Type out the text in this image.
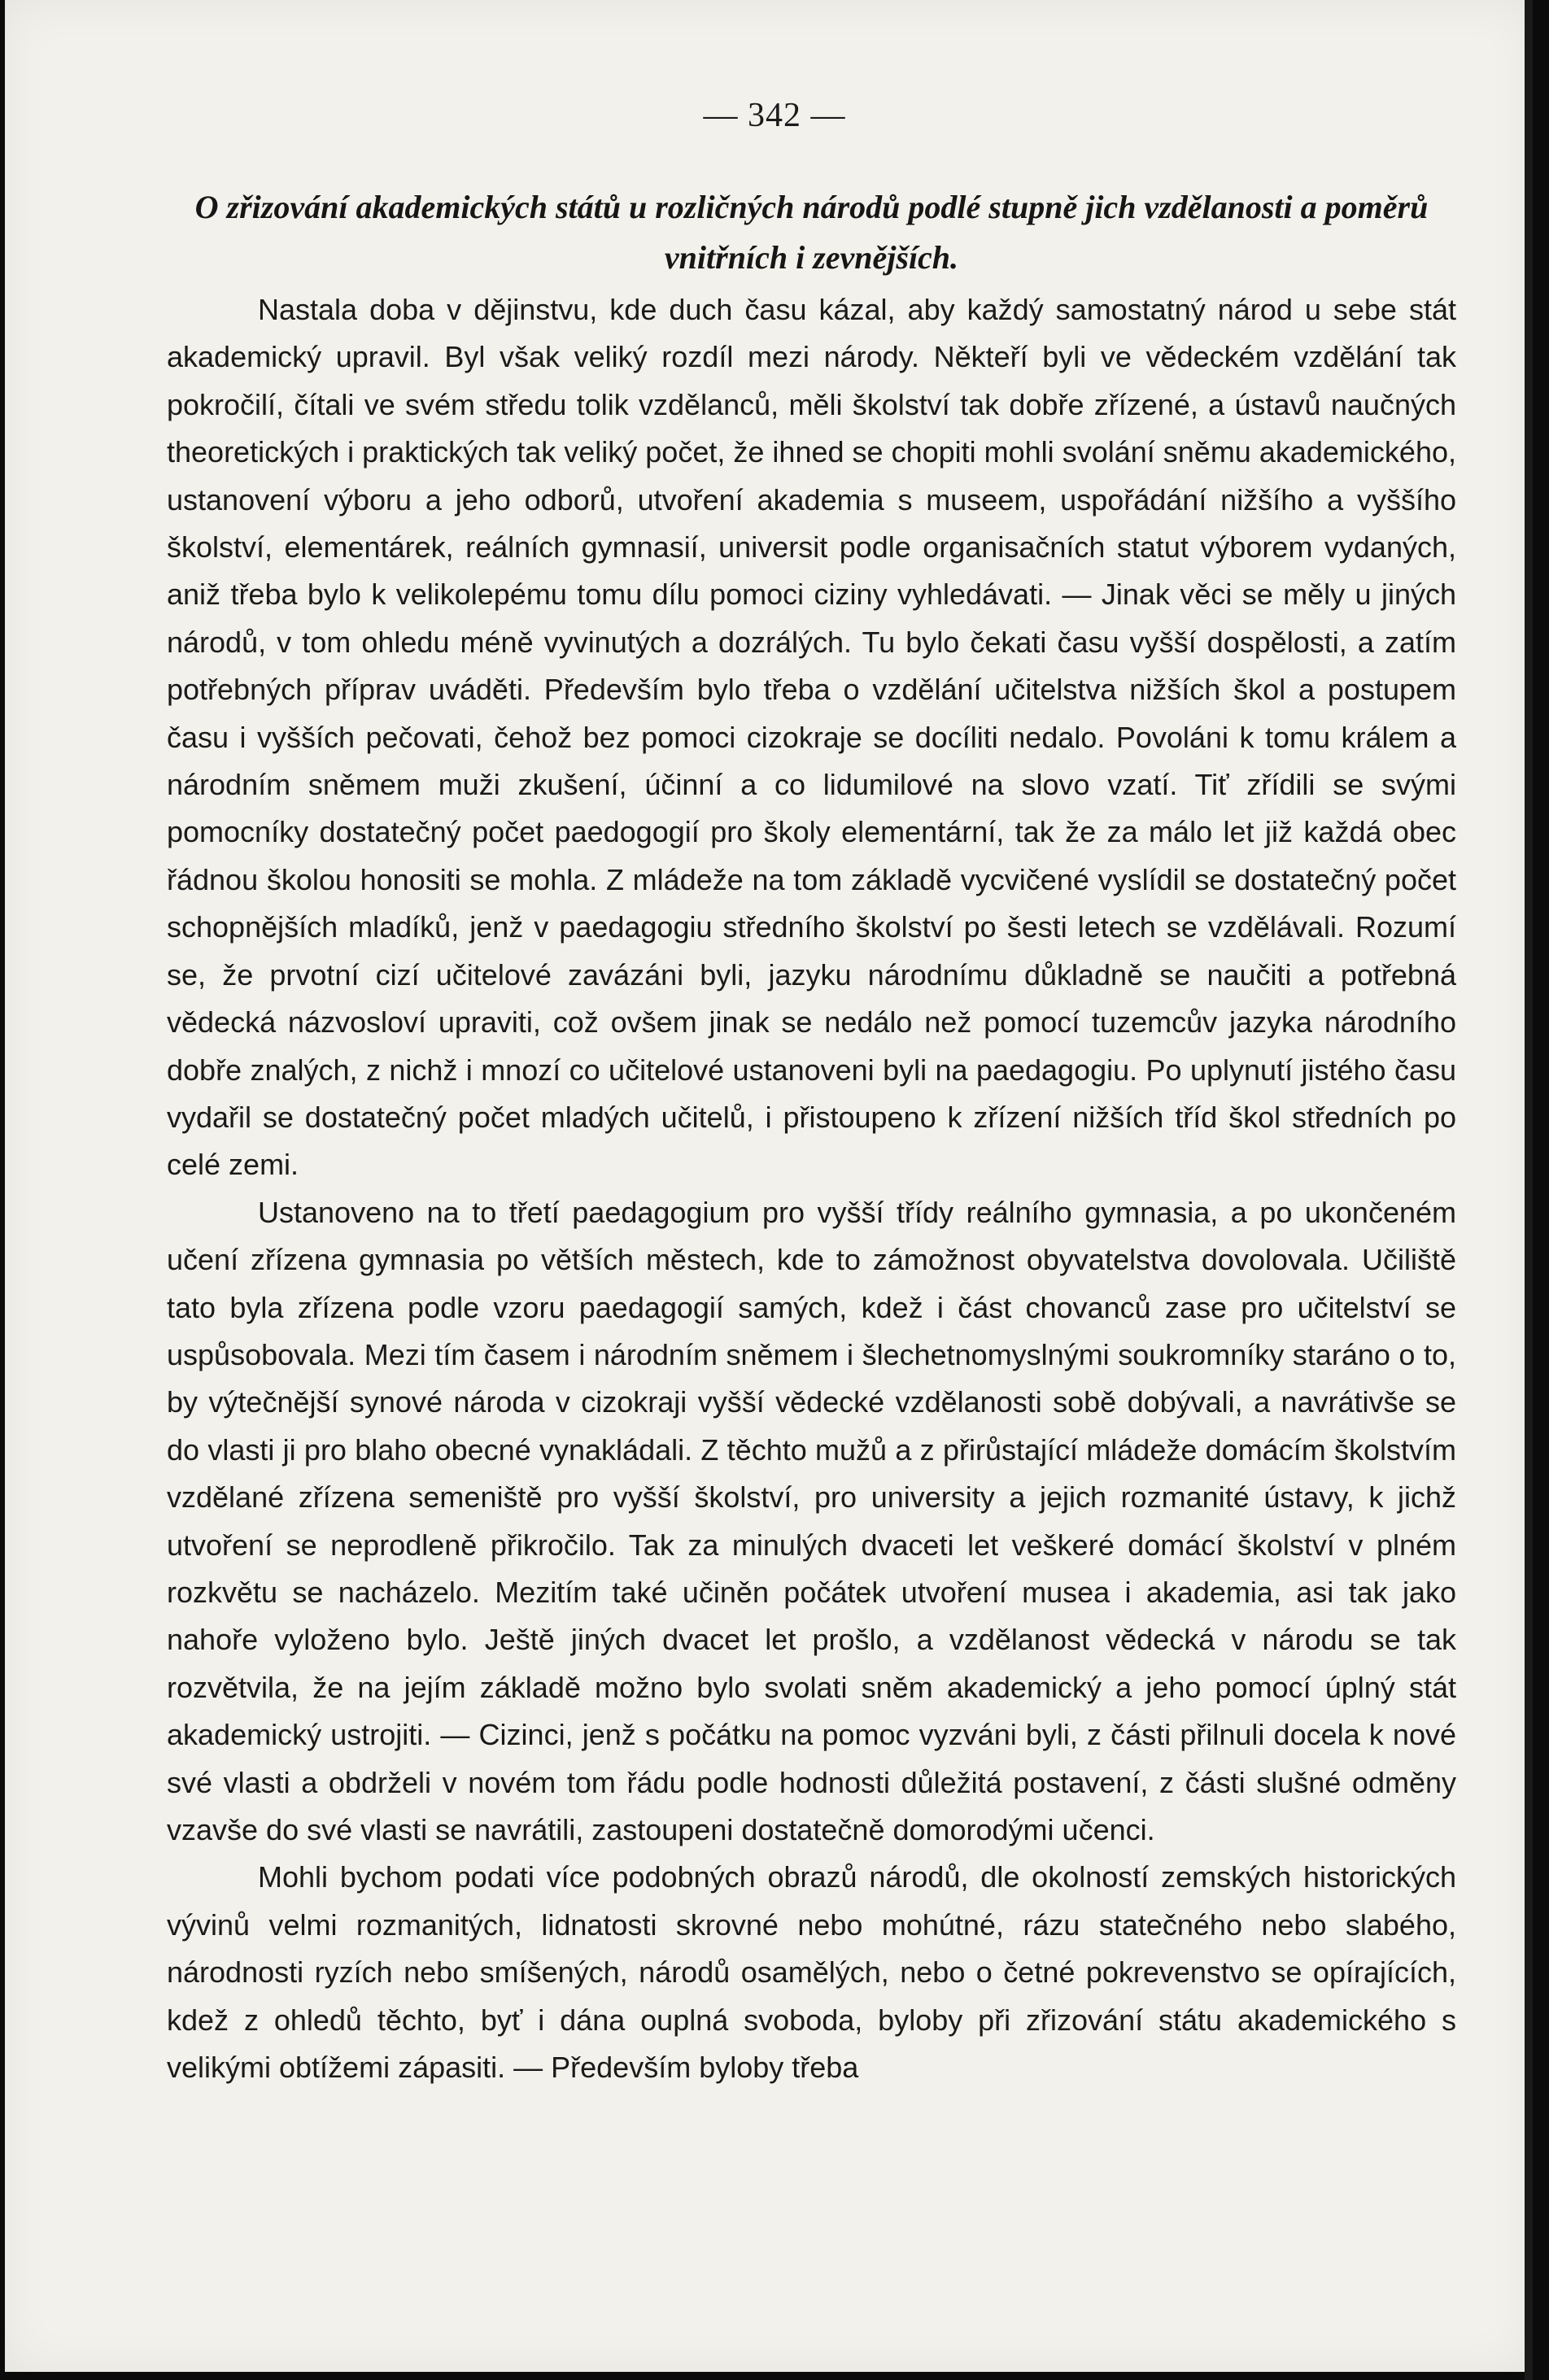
— 342 —
O zřizování akademických států u rozličných národů podlé stupně jich vzdělanosti a poměrů vnitřních i zevnějších.

Nastala doba v dějinstvu, kde duch času kázal, aby každý samostatný národ u sebe stát akademický upravil. Byl však veliký rozdíl mezi národy. Někteří byli ve vědeckém vzdělání tak pokročilí, čítali ve svém středu tolik vzdělanců, měli školství tak dobře zřízené, a ústavů naučných theoretických i praktických tak veliký počet, že ihned se chopiti mohli svolání sněmu akademického, ustanovení výboru a jeho odborů, utvoření akademia s museem, uspořádání nižšího a vyššího školství, elementárek, reálních gymnasií, universit podle organisačních statut výborem vydaných, aniž třeba bylo k velikolepému tomu dílu pomoci ciziny vyhledávati. — Jinak věci se měly u jiných národů, v tom ohledu méně vyvinutých a dozrálých. Tu bylo čekati času vyšší dospělosti, a zatím potřebných příprav uváděti. Především bylo třeba o vzdělání učitelstva nižších škol a postupem času i vyšších pečovati, čehož bez pomoci cizokraje se docíliti nedalo. Povoláni k tomu králem a národním sněmem muži zkušení, účinní a co lidumilové na slovo vzatí. Tiť zřídili se svými pomocníky dostatečný počet paedogogií pro školy elementární, tak že za málo let již každá obec řádnou školou honositi se mohla. Z mládeže na tom základě vycvičené vyslídil se dostatečný počet schopnějších mladíků, jenž v paedagogiu středního školství po šesti letech se vzdělávali. Rozumí se, že prvotní cizí učitelové zavázáni byli, jazyku národnímu důkladně se naučiti a potřebná vědecká názvosloví upraviti, což ovšem jinak se nedálo než pomocí tuzemcův jazyka národního dobře znalých, z nichž i mnozí co učitelové ustanoveni byli na paedagogiu. Po uplynutí jistého času vydařil se dostatečný počet mladých učitelů, i přistoupeno k zřízení nižších tříd škol středních po celé zemi.

Ustanoveno na to třetí paedagogium pro vyšší třídy reálního gymnasia, a po ukončeném učení zřízena gymnasia po větších městech, kde to zámožnost obyvatelstva dovolovala. Učiliště tato byla zřízena podle vzoru paedagogií samých, kdež i část chovanců zase pro učitelství se uspůsobovala. Mezi tím časem i národním sněmem i šlechetnomyslnými soukromníky staráno o to, by výtečnější synové národa v cizokraji vyšší vědecké vzdělanosti sobě dobývali, a navrátivše se do vlasti ji pro blaho obecné vynakládali. Z těchto mužů a z přirůstající mládeže domácím školstvím vzdělané zřízena semeniště pro vyšší školství, pro university a jejich rozmanité ústavy, k jichž utvoření se neprodleně přikročilo. Tak za minulých dvaceti let veškeré domácí školství v plném rozkvětu se nacházelo. Mezitím také učiněn počátek utvoření musea i akademia, asi tak jako nahoře vyloženo bylo. Ještě jiných dvacet let prošlo, a vzdělanost vědecká v národu se tak rozvětvila, že na jejím základě možno bylo svolati sněm akademický a jeho pomocí úplný stát akademický ustrojiti. — Cizinci, jenž s počátku na pomoc vyzváni byli, z části přilnuli docela k nové své vlasti a obdrželi v novém tom řádu podle hodnosti důležitá postavení, z části slušné odměny vzavše do své vlasti se navrátili, zastoupeni dostatečně domorodými učenci.

Mohli bychom podati více podobných obrazů národů, dle okolností zemských historických vývinů velmi rozmanitých, lidnatosti skrovné nebo mohútné, rázu statečného nebo slabého, národnosti ryzích nebo smíšených, národů osamělých, nebo o četné pokrevenstvo se opírajících, kdež z ohledů těchto, byť i dána ouplná svoboda, byloby při zřizování státu akademického s velikými obtížemi zápasiti. — Především byloby třeba
